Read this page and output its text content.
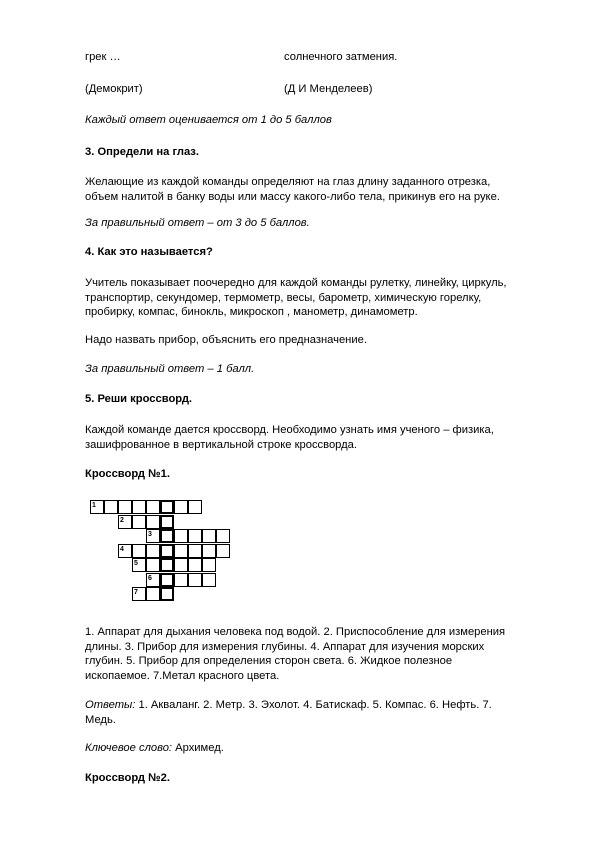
грек …	солнечного затмения.
(Демокрит)	(Д И Менделеев)
Каждый ответ оценивается от 1 до 5 баллов
3. Определи на глаз.

Желающие из каждой команды определяют на глаз длину заданного отрезка,

объем налитой в банку воды или массу какого-либо тела, прикинув его на руке.

За правильный ответ – от 3 до 5 баллов.
4. Как это называется?

Учитель показывает поочередно для каждой команды рулетку, линейку, циркуль,

транспортир, секундомер, термометр, весы, барометр, химическую горелку,

пробирку, компас, бинокль, микроскоп , манометр, динамометр.

Надо назвать прибор, объяснить его предназначение.
За правильный ответ – 1 балл.
5. Реши кроссворд.

Каждой команде дается кроссворд. Необходимо узнать имя ученого – физика,

зашифрованное в вертикальной строке кроссворда.

Кроссворд №1.
1
2
3
4
5
6
7

1. Аппарат для дыхания человека под водой. 2. Приспособление для измерения

длины. 3. Прибор для измерения глубины. 4. Аппарат для изучения морских

глубин. 5. Прибор для определения сторон света. 6. Жидкое полезное

ископаемое. 7.Метал красного цвета.

Ответы: 1. Акваланг. 2. Метр. 3. Эхолот. 4. Батискаф. 5. Компас. 6. Нефть. 7.

Медь.

Ключевое слово: Архимед.
Кроссворд №2.
